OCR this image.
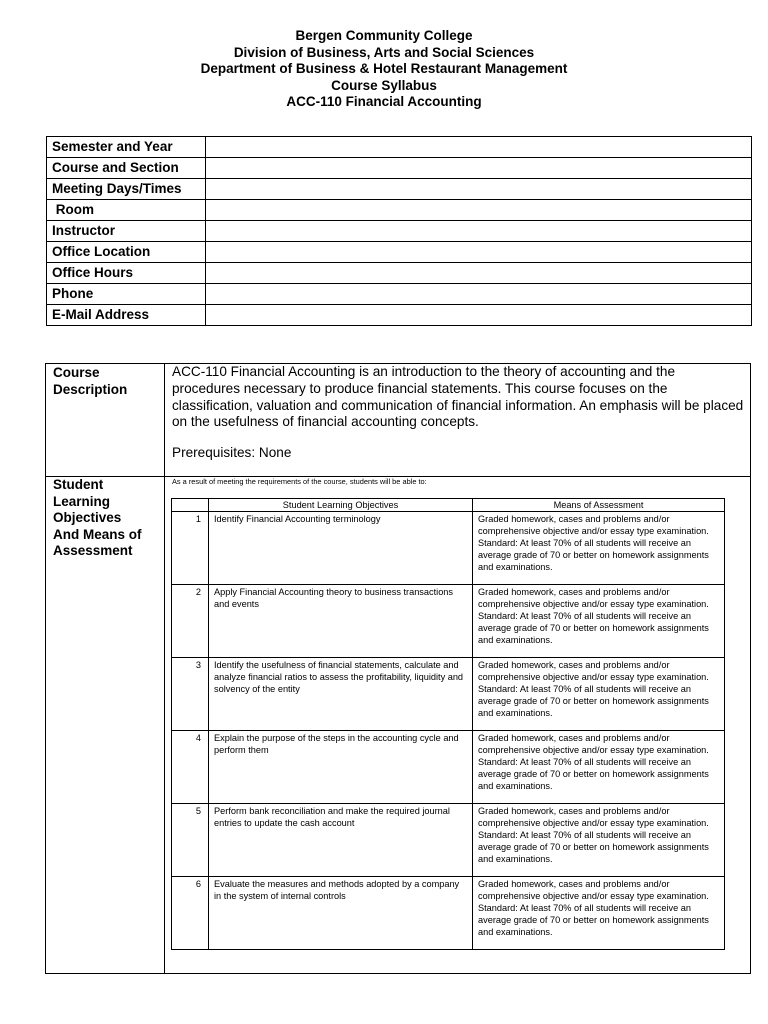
Bergen Community College
Division of Business, Arts and Social Sciences
Department of Business & Hotel Restaurant Management
Course Syllabus
ACC-110 Financial Accounting
Semester and Year	
Course and Section	
Meeting Days/Times	
Room	
Instructor	
Office Location	
Office Hours	
Phone	
E-Mail Address	
Course
Description
ACC-110 Financial Accounting is an introduction to the theory of accounting and the procedures necessary to produce financial statements. This course focuses on the classification, valuation and communication of financial information. An emphasis will be placed on the usefulness of financial accounting concepts.
Prerequisites: None
Student
Learning
Objectives
And Means of
Assessment
As a result of meeting the requirements of the course, students will be able to:
	Student Learning Objectives	Means of Assessment
1	Identify Financial Accounting terminology	Graded homework, cases and problems and/or comprehensive objective and/or essay type examination. Standard: At least 70% of all students will receive an average grade of 70 or better on homework assignments and examinations.
2	Apply Financial Accounting theory to business transactions and events	Graded homework, cases and problems and/or comprehensive objective and/or essay type examination. Standard: At least 70% of all students will receive an average grade of 70 or better on homework assignments and examinations.
3	Identify the usefulness of financial statements, calculate and analyze financial ratios to assess the profitability, liquidity and solvency of the entity	Graded homework, cases and problems and/or comprehensive objective and/or essay type examination. Standard: At least 70% of all students will receive an average grade of 70 or better on homework assignments and examinations.
4	Explain the purpose of the steps in the accounting cycle and perform them	Graded homework, cases and problems and/or comprehensive objective and/or essay type examination. Standard: At least 70% of all students will receive an average grade of 70 or better on homework assignments and examinations.
5	Perform bank reconciliation and make the required journal entries to update the cash account	Graded homework, cases and problems and/or comprehensive objective and/or essay type examination. Standard: At least 70% of all students will receive an average grade of 70 or better on homework assignments and examinations.
6	Evaluate the measures and methods adopted by a company in the system of internal controls	Graded homework, cases and problems and/or comprehensive objective and/or essay type examination. Standard: At least 70% of all students will receive an average grade of 70 or better on homework assignments and examinations.
